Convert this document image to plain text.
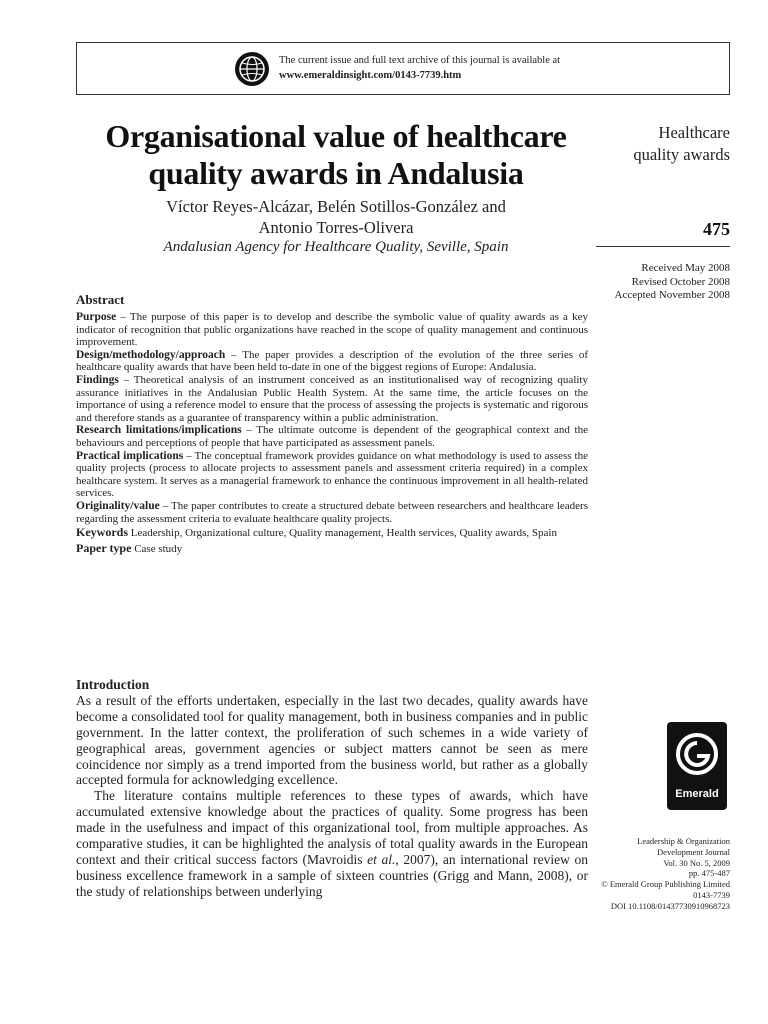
The current issue and full text archive of this journal is available at
www.emeraldinsight.com/0143-7739.htm
Organisational value of healthcare quality awards in Andalusia
Víctor Reyes-Alcázar, Belén Sotillos-González and
Antonio Torres-Olivera
Andalusian Agency for Healthcare Quality, Seville, Spain
Healthcare
quality awards
475
Received May 2008
Revised October 2008
Accepted November 2008
Abstract

Purpose – The purpose of this paper is to develop and describe the symbolic value of quality awards as a key indicator of recognition that public organizations have reached in the scope of quality management and continuous improvement.

Design/methodology/approach – The paper provides a description of the evolution of the three series of healthcare quality awards that have been held to-date in one of the biggest regions of Europe: Andalusia.

Findings – Theoretical analysis of an instrument conceived as an institutionalised way of recognizing quality assurance initiatives in the Andalusian Public Health System. At the same time, the article focuses on the importance of using a reference model to ensure that the process of assessing the projects is systematic and rigorous and therefore stands as a guarantee of transparency within a public administration.

Research limitations/implications – The ultimate outcome is dependent of the geographical context and the behaviours and perceptions of people that have participated as assessment panels.

Practical implications – The conceptual framework provides guidance on what methodology is used to assess the quality projects (process to allocate projects to assessment panels and assessment criteria required) in a complex healthcare system. It serves as a managerial framework to enhance the continuous improvement in all health-related services.

Originality/value – The paper contributes to create a structured debate between researchers and healthcare leaders regarding the assessment criteria to evaluate healthcare quality projects.

Keywords Leadership, Organizational culture, Quality management, Health services, Quality awards, Spain

Paper type Case study

Introduction

As a result of the efforts undertaken, especially in the last two decades, quality awards have become a consolidated tool for quality management, both in business companies and in public government. In the latter context, the proliferation of such schemes in a wide variety of geographical areas, government agencies or subject matters cannot be seen as mere coincidence nor simply as a trend imported from the business world, but rather as a globally accepted formula for acknowledging excellence.

The literature contains multiple references to these types of awards, which have accumulated extensive knowledge about the practices of quality. Some progress has been made in the usefulness and impact of this organizational tool, from multiple approaches. As comparative studies, it can be highlighted the analysis of total quality awards in the European context and their critical success factors (Mavroidis et al., 2007), an international review on business excellence framework in a sample of sixteen countries (Grigg and Mann, 2008), or the study of relationships between underlying

Emerald
Leadership & Organization
Development Journal
Vol. 30 No. 5, 2009
pp. 475-487
© Emerald Group Publishing Limited
0143-7739
DOI 10.1108/01437730910968723
